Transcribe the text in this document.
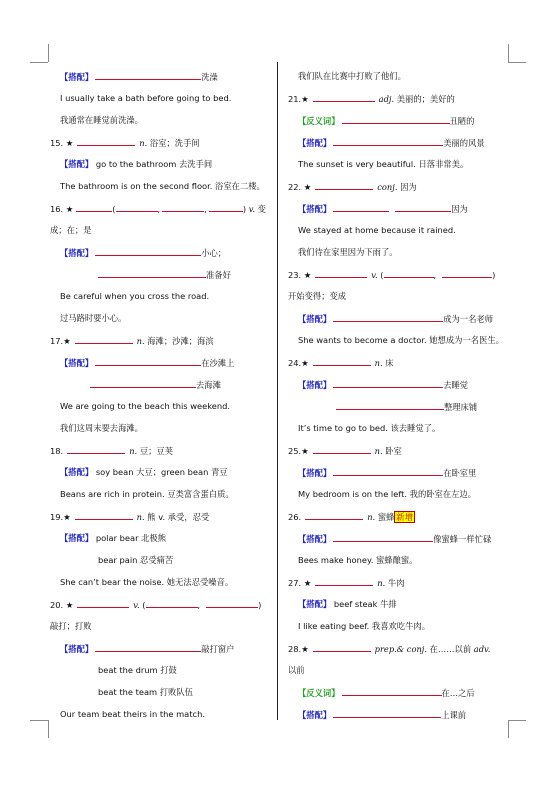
【搭配】	洗澡
I usually take a bath before going to bed.
我通常在睡觉前洗澡。
15. ★	n. 浴室；洗手间
【搭配】 go to the bathroom 去洗手间
The bathroom is on the second floor. 浴室在二楼。
16. ★	(	,	,	) v. 变
成；在；是
【搭配】	小心；
准备好
Be careful when you cross the road.
过马路时要小心。
17.★	n. 海滩；沙滩；海滨
【搭配】	在沙滩上
去海滩
We are going to the beach this weekend.
我们这周末要去海滩。
18.	n. 豆；豆荚
【搭配】 soy bean 大豆；green bean 青豆
Beans are rich in protein. 豆类富含蛋白质。
19.★	n. 熊 v. 承受，忍受
【搭配】 polar bear 北极熊
bear pain 忍受痛苦
She can’t bear the noise. 她无法忍受噪音。
20. ★	v. (	,	)
敲打；打败
【搭配】	敲打窗户
beat the drum 打鼓
beat the team 打败队伍
Our team beat theirs in the match.
我们队在比赛中打败了他们。
21.★	adj. 美丽的；美好的
【反义词】	丑陋的
【搭配】	美丽的风景
The sunset is very beautiful. 日落非常美。
22. ★	conj. 因为
【搭配】	因为
We stayed at home because it rained.
我们待在家里因为下雨了。
23. ★	v. (	,	)
开始变得；变成
【搭配】	成为一名老师
She wants to become a doctor. 她想成为一名医生。
24.★	n. 床
【搭配】	去睡觉
整理床铺
It’s time to go to bed. 该去睡觉了。
25.★	n. 卧室
【搭配】	在卧室里
My bedroom is on the left. 我的卧室在左边。
26.	n. 蜜蜂 新增
【搭配】	像蜜蜂一样忙碌
Bees make honey. 蜜蜂酿蜜。
27. ★	n. 牛肉
【搭配】 beef steak 牛排
I like eating beef. 我喜欢吃牛肉。
28.★	prep.& conj. 在……以前 adv.
以前
【反义词】	在…之后
【搭配】	上课前
